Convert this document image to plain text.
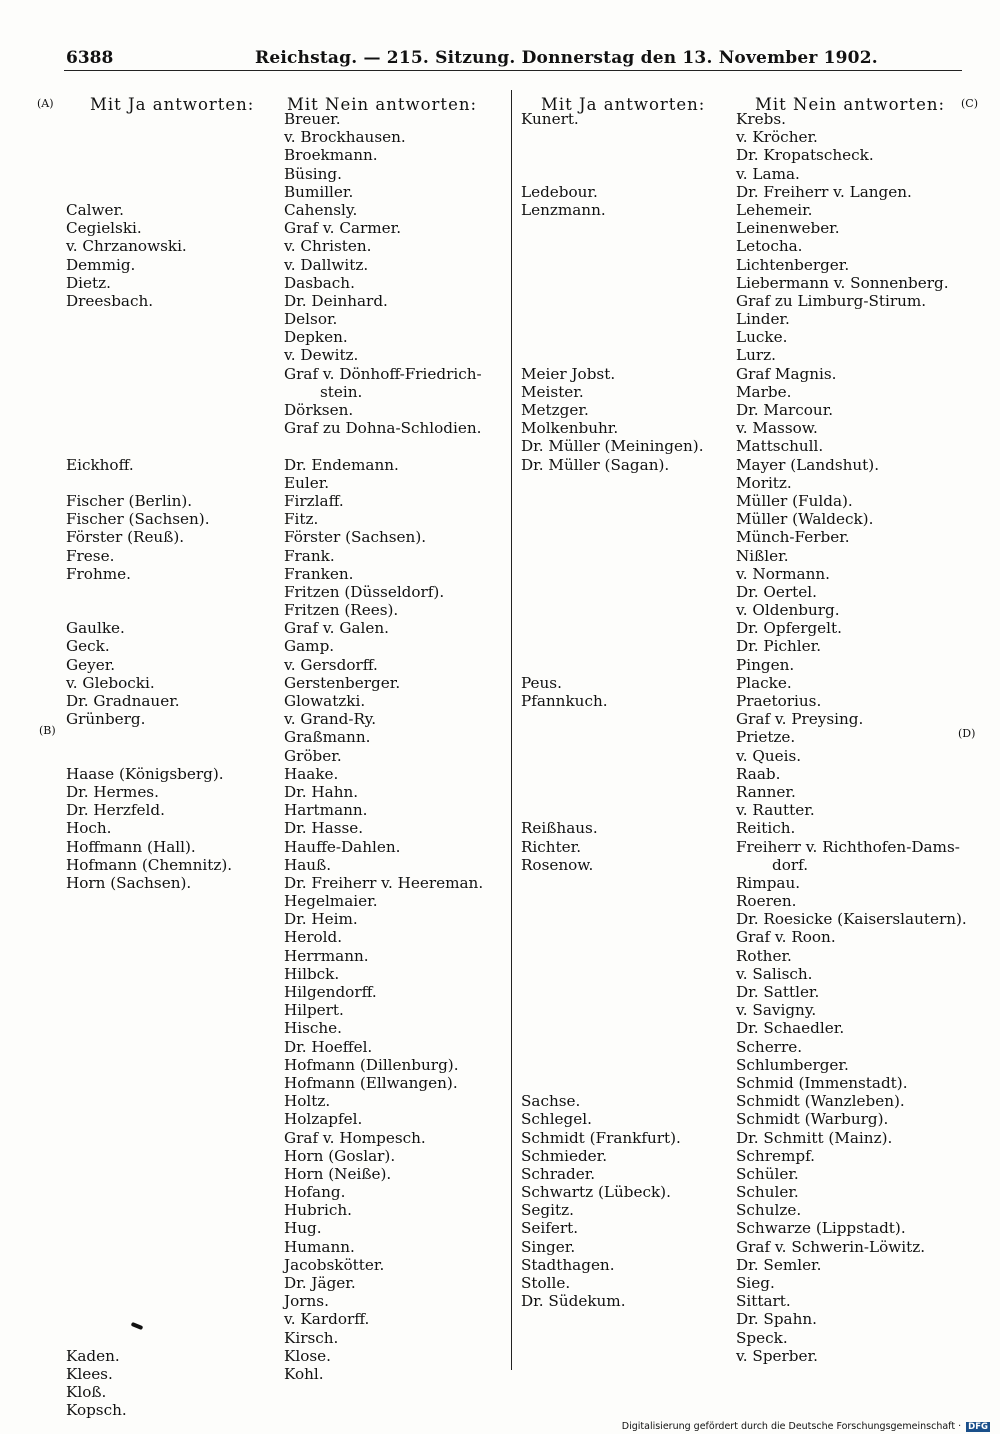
6388	Reichstag. — 215. Sitzung. Donnerstag den 13. November 1902.
(A)
(B)
(C)
(D)
Mit Ja antworten: Mit Nein antworten:	Mit Ja antworten:	Mit Nein antworten:
Calwer.
Cegielski.
v. Chrzanowski.
Demmig.
Dietz.
Dreesbach.
Eickhoff.
Fischer (Berlin).
Fischer (Sachsen).
Förster (Reuß).
Frese.
Frohme.
Gaulke.
Geck.
Geyer.
v. Glebocki.
Dr. Gradnauer.
Grünberg.
Haase (Königsberg).
Dr. Hermes.
Dr. Herzfeld.
Hoch.
Hoffmann (Hall).
Hofmann (Chemnitz).
Horn (Sachsen).
Kaden.
Klees.
Kloß.
Kopsch.
Breuer.
v. Brockhausen.
Broekmann.
Büsing.
Bumiller.
Cahensly.
Graf v. Carmer.
v. Christen.
v. Dallwitz.
Dasbach.
Dr. Deinhard.
Delsor.
Depken.
v. Dewitz.
Graf v. Dönhoff-Friedrich-
stein.
Dörksen.
Graf zu Dohna-Schlodien.
Dr. Endemann.
Euler.
Firzlaff.
Fitz.
Förster (Sachsen).
Frank.
Franken.
Fritzen (Düsseldorf).
Fritzen (Rees).
Graf v. Galen.
Gamp.
v. Gersdorff.
Gerstenberger.
Glowatzki.
v. Grand-Ry.
Graßmann.
Gröber.
Haake.
Dr. Hahn.
Hartmann.
Dr. Hasse.
Hauffe-Dahlen.
Hauß.
Dr. Freiherr v. Heereman.
Hegelmaier.
Dr. Heim.
Herold.
Herrmann.
Hilbck.
Hilgendorff.
Hilpert.
Hische.
Dr. Hoeffel.
Hofmann (Dillenburg).
Hofmann (Ellwangen).
Holtz.
Holzapfel.
Graf v. Hompesch.
Horn (Goslar).
Horn (Neiße).
Hofang.
Hubrich.
Hug.
Humann.
Jacobskötter.
Dr. Jäger.
Jorns.
v. Kardorff.
Kirsch.
Klose.
Kohl.
Kunert.
Ledebour.
Lenzmann.
Meier Jobst.
Meister.
Metzger.
Molkenbuhr.
Dr. Müller (Meiningen).
Dr. Müller (Sagan).
Peus.
Pfannkuch.
Reißhaus.
Richter.
Rosenow.
Sachse.
Schlegel.
Schmidt (Frankfurt).
Schmieder.
Schrader.
Schwartz (Lübeck).
Segitz.
Seifert.
Singer.
Stadthagen.
Stolle.
Dr. Südekum.
Krebs.
v. Kröcher.
Dr. Kropatscheck.
v. Lama.
Dr. Freiherr v. Langen.
Lehemeir.
Leinenweber.
Letocha.
Lichtenberger.
Liebermann v. Sonnenberg.
Graf zu Limburg-Stirum.
Linder.
Lucke.
Lurz.
Graf Magnis.
Marbe.
Dr. Marcour.
v. Massow.
Mattschull.
Mayer (Landshut).
Moritz.
Müller (Fulda).
Müller (Waldeck).
Münch-Ferber.
Nißler.
v. Normann.
Dr. Oertel.
v. Oldenburg.
Dr. Opfergelt.
Dr. Pichler.
Pingen.
Placke.
Praetorius.
Graf v. Preysing.
Prietze.
v. Queis.
Raab.
Ranner.
v. Rautter.
Reitich.
Freiherr v. Richthofen-Dams-
dorf.
Rimpau.
Roeren.
Dr. Roesicke (Kaiserslautern).
Graf v. Roon.
Rother.
v. Salisch.
Dr. Sattler.
v. Savigny.
Dr. Schaedler.
Scherre.
Schlumberger.
Schmid (Immenstadt).
Schmidt (Wanzleben).
Schmidt (Warburg).
Dr. Schmitt (Mainz).
Schrempf.
Schüler.
Schuler.
Schulze.
Schwarze (Lippstadt).
Graf v. Schwerin-Löwitz.
Dr. Semler.
Sieg.
Sittart.
Dr. Spahn.
Speck.
v. Sperber.
Digitalisierung gefördert durch die Deutsche Forschungsgemeinschaft · DFG
